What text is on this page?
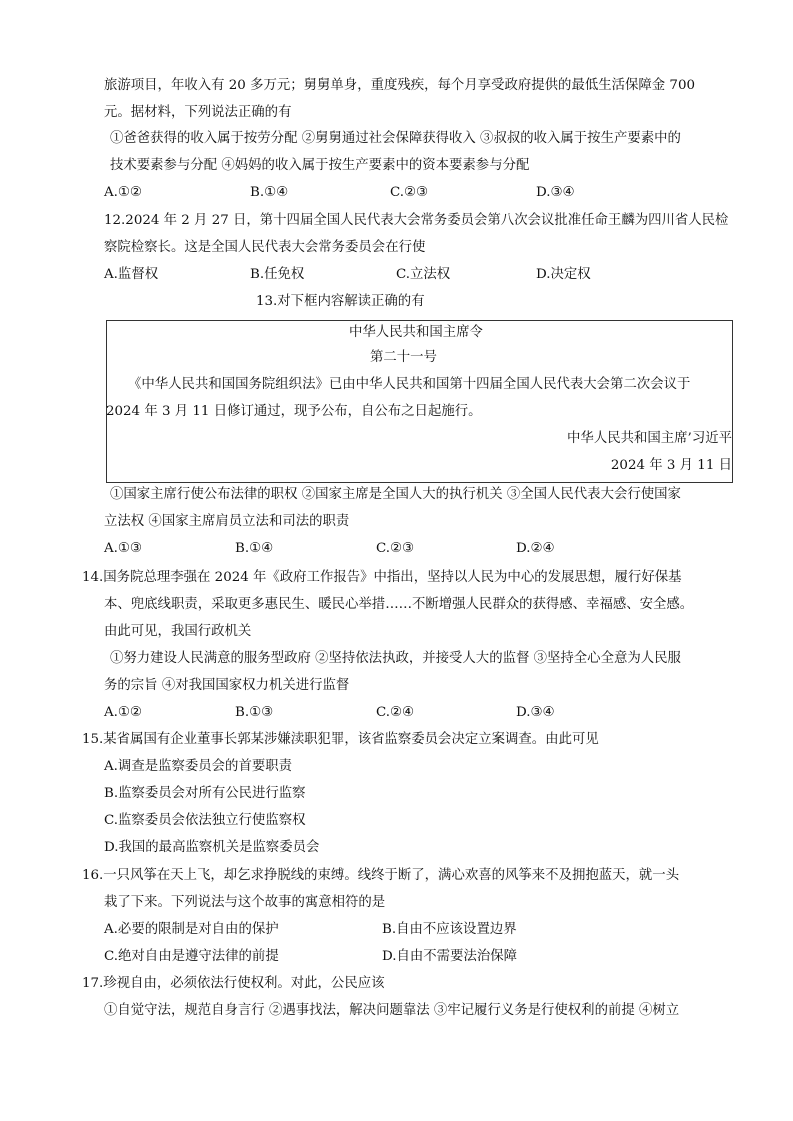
旅游项目，年收入有 20 多万元；舅舅单身，重度残疾，每个月享受政府提供的最低生活保障金 700
元。据材料，下列说法正确的有
①爸爸获得的收入属于按劳分配 ②舅舅通过社会保障获得收入 ③叔叔的收入属于按生产要素中的
技术要素参与分配 ④妈妈的收入属于按生产要素中的资本要素参与分配
A.①②	B.①④	C.②③	D.③④
12.2024 年 2 月 27 日，第十四届全国人民代表大会常务委员会第八次会议批准任命王麟为四川省人民检
察院检察长。这是全国人民代表大会常务委员会在行使
A.监督权	B.任免权	C.立法权	D.决定权
13.对下框内容解读正确的有
中华人民共和国主席令
第二十一号
《中华人民共和国国务院组织法》已由中华人民共和国第十四届全国人民代表大会第二次会议于
2024 年 3 月 11 日修订通过，现予公布，自公布之日起施行。
中华人民共和国主席’习近平
2024 年 3 月 11 日
①国家主席行使公布法律的职权 ②国家主席是全国人大的执行机关 ③全国人民代表大会行使国家
立法权 ④国家主席肩员立法和司法的职责
A.①③	B.①④	C.②③	D.②④
14.国务院总理李强在 2024 年《政府工作报告》中指出，坚持以人民为中心的发展思想，履行好保基
本、兜底线职责，采取更多惠民生、暖民心举措……不断增强人民群众的获得感、幸福感、安全感。
由此可见，我国行政机关
①努力建设人民满意的服务型政府 ②坚持依法执政，并接受人大的监督 ③坚持全心全意为人民服
务的宗旨 ④对我国国家权力机关进行监督
A.①②	B.①③	C.②④	D.③④
15.某省属国有企业董事长郭某涉嫌渎职犯罪，该省监察委员会决定立案调查。由此可见
A.调查是监察委员会的首要职责
B.监察委员会对所有公民进行监察
C.监察委员会依法独立行使监察权
D.我国的最高监察机关是监察委员会
16.一只风筝在天上飞，却乞求挣脱线的束缚。线终于断了，满心欢喜的风筝来不及拥抱蓝天，就一头
栽了下来。下列说法与这个故事的寓意相符的是
A.必要的限制是对自由的保护	B.自由不应该设置边界
C.绝对自由是遵守法律的前提	D.自由不需要法治保障
17.珍视自由，必须依法行使权利。对此，公民应该
①自觉守法，规范自身言行 ②遇事找法，解决问题靠法 ③牢记履行义务是行使权利的前提 ④树立
